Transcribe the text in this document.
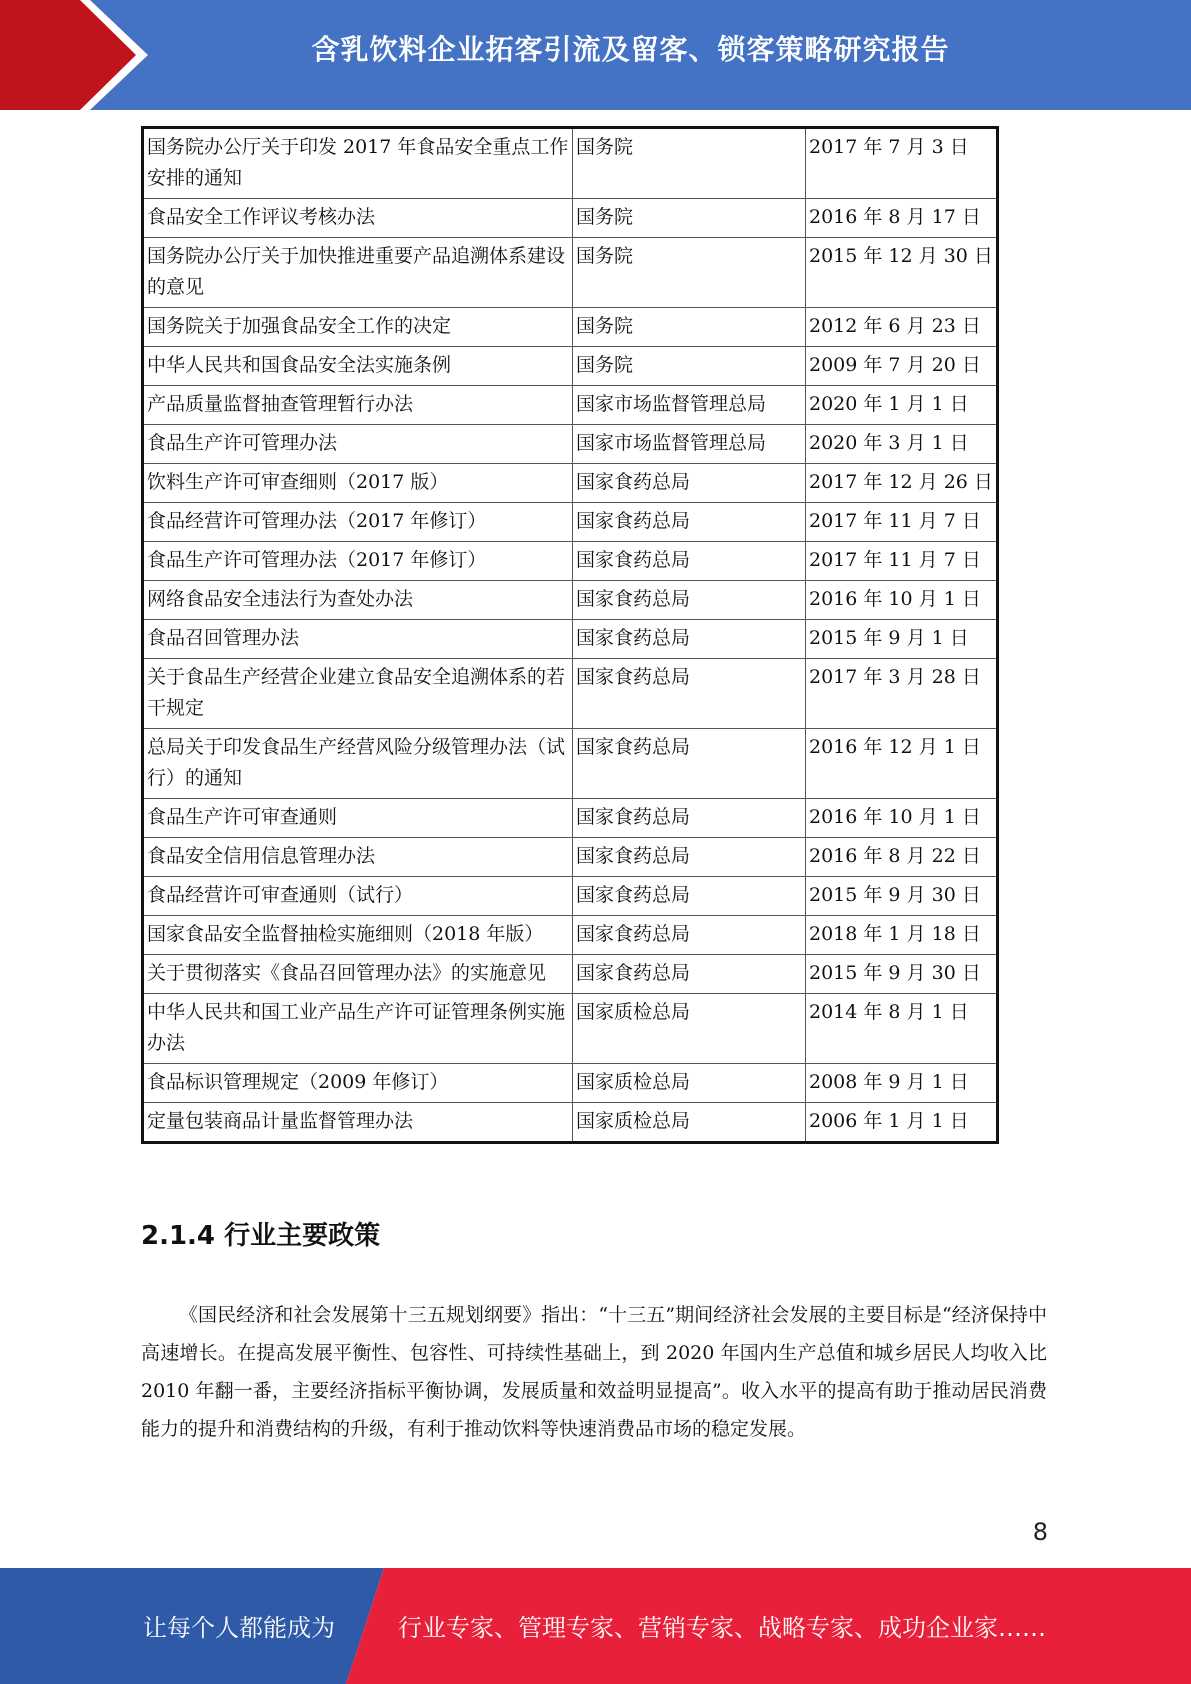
含乳饮料企业拓客引流及留客、锁客策略研究报告
国务院办公厅关于印发 2017 年食品安全重点工作安排的通知	国务院	2017 年 7 月 3 日
食品安全工作评议考核办法	国务院	2016 年 8 月 17 日
国务院办公厅关于加快推进重要产品追溯体系建设的意见	国务院	2015 年 12 月 30 日
国务院关于加强食品安全工作的决定	国务院	2012 年 6 月 23 日
中华人民共和国食品安全法实施条例	国务院	2009 年 7 月 20 日
产品质量监督抽查管理暂行办法	国家市场监督管理总局	2020 年 1 月 1 日
食品生产许可管理办法	国家市场监督管理总局	2020 年 3 月 1 日
饮料生产许可审查细则（2017 版）	国家食药总局	2017 年 12 月 26 日
食品经营许可管理办法（2017 年修订）	国家食药总局	2017 年 11 月 7 日
食品生产许可管理办法（2017 年修订）	国家食药总局	2017 年 11 月 7 日
网络食品安全违法行为查处办法	国家食药总局	2016 年 10 月 1 日
食品召回管理办法	国家食药总局	2015 年 9 月 1 日
关于食品生产经营企业建立食品安全追溯体系的若干规定	国家食药总局	2017 年 3 月 28 日
总局关于印发食品生产经营风险分级管理办法（试行）的通知	国家食药总局	2016 年 12 月 1 日
食品生产许可审查通则	国家食药总局	2016 年 10 月 1 日
食品安全信用信息管理办法	国家食药总局	2016 年 8 月 22 日
食品经营许可审查通则（试行）	国家食药总局	2015 年 9 月 30 日
国家食品安全监督抽检实施细则（2018 年版）	国家食药总局	2018 年 1 月 18 日
关于贯彻落实《食品召回管理办法》的实施意见	国家食药总局	2015 年 9 月 30 日
中华人民共和国工业产品生产许可证管理条例实施办法	国家质检总局	2014 年 8 月 1 日
食品标识管理规定（2009 年修订）	国家质检总局	2008 年 9 月 1 日
定量包装商品计量监督管理办法	国家质检总局	2006 年 1 月 1 日
2.1.4 行业主要政策

《国民经济和社会发展第十三五规划纲要》指出：“十三五”期间经济社会发展的主要目标是“经济保持中高速增长。在提高发展平衡性、包容性、可持续性基础上，到 2020 年国内生产总值和城乡居民人均收入比 2010 年翻一番，主要经济指标平衡协调，发展质量和效益明显提高”。收入水平的提高有助于推动居民消费能力的提升和消费结构的升级，有利于推动饮料等快速消费品市场的稳定发展。

8
让每个人都能成为	行业专家、管理专家、营销专家、战略专家、成功企业家……
